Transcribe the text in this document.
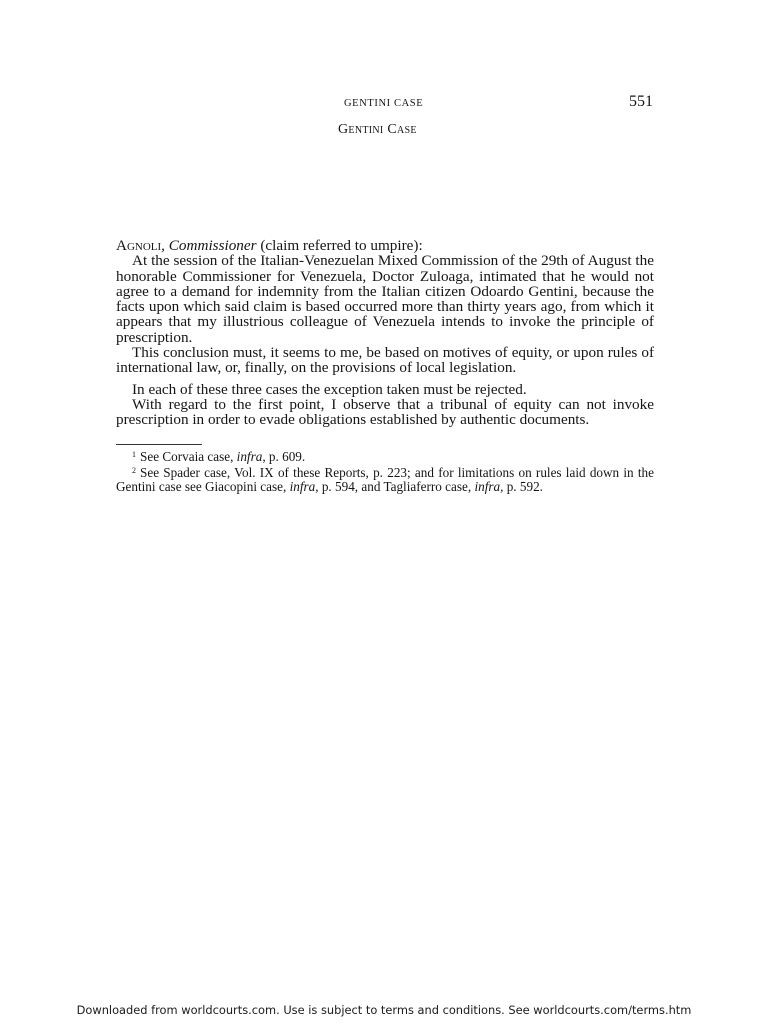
GENTINI CASE	551
Gentini Case

Agnoli, Commissioner (claim referred to umpire):

At the session of the Italian-Venezuelan Mixed Commission of the 29th of August the honorable Commissioner for Venezuela, Doctor Zuloaga, intimated that he would not agree to a demand for indemnity from the Italian citizen Odoardo Gentini, because the facts upon which said claim is based occurred more than thirty years ago, from which it appears that my illustrious colleague of Venezuela intends to invoke the principle of prescription.

This conclusion must, it seems to me, be based on motives of equity, or upon rules of international law, or, finally, on the provisions of local legislation.

In each of these three cases the exception taken must be rejected.

With regard to the first point, I observe that a tribunal of equity can not invoke prescription in order to evade obligations established by authentic documents.

$^1$ See Corvaia case, infra, p. 609.

$^2$ See Spader case, Vol. IX of these Reports, p. 223; and for limitations on rules laid down in the Gentini case see Giacopini case, infra, p. 594, and Tagliaferro case, infra, p. 592.

Downloaded from worldcourts.com. Use is subject to terms and conditions. See worldcourts.com/terms.htm
